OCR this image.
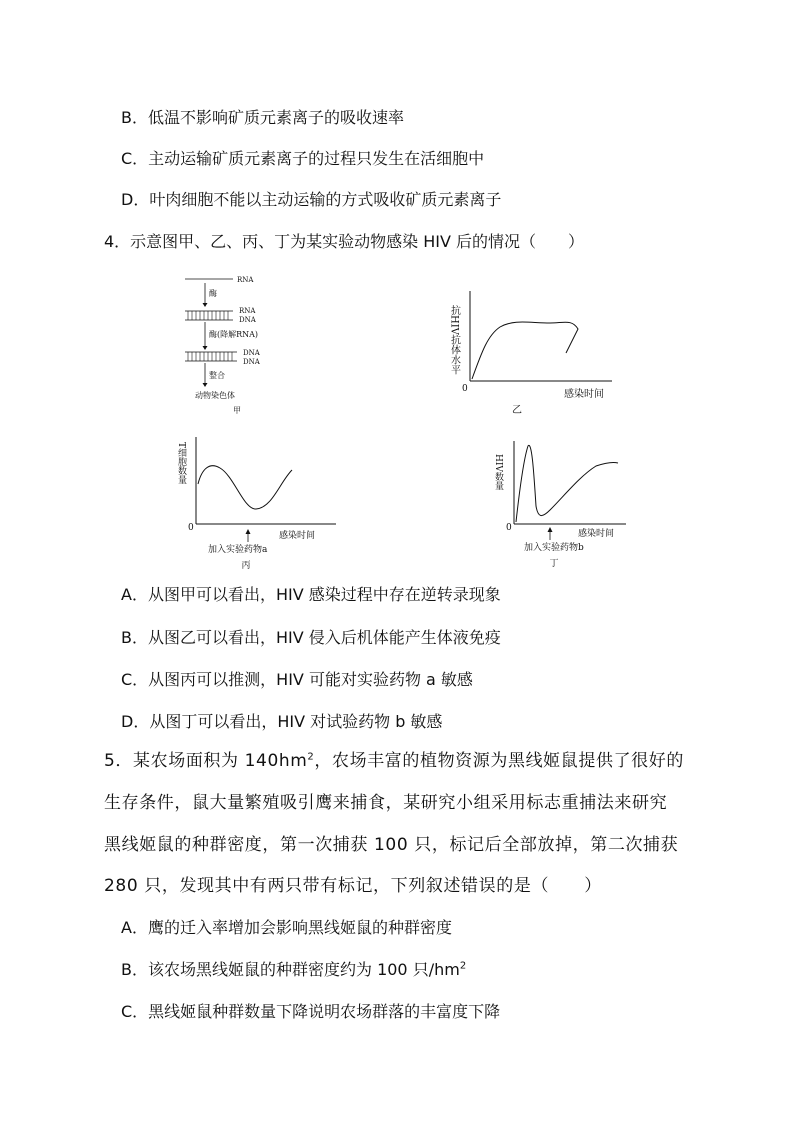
B．低温不影响矿质元素离子的吸收速率
C．主动运输矿质元素离子的过程只发生在活细胞中
D．叶肉细胞不能以主动运输的方式吸收矿质元素离子
4．示意图甲、乙、丙、丁为某实验动物感染 HIV 后的情况（　　）
RNA
酶
RNA
DNA
酶(降解RNA)
DNA
DNA
整合
动物染色体
甲
抗HIV抗体水平
0	感染时间
乙
T细胞数量
0
感染时间
加入实验药物a
丙
HIV数量
0
感染时间
加入实验药物b
丁
A．从图甲可以看出，HIV 感染过程中存在逆转录现象
B．从图乙可以看出，HIV 侵入后机体能产生体液免疫
C．从图丙可以推测，HIV 可能对实验药物 a 敏感
D．从图丁可以看出，HIV 对试验药物 b 敏感
5．某农场面积为 $140hm^2$，农场丰富的植物资源为黑线姬鼠提供了很好的
生存条件，鼠大量繁殖吸引鹰来捕食，某研究小组采用标志重捕法来研究
黑线姬鼠的种群密度，第一次捕获 100 只，标记后全部放掉，第二次捕获
280 只，发现其中有两只带有标记，下列叙述错误的是（　　）
A．鹰的迁入率增加会影响黑线姬鼠的种群密度
B．该农场黑线姬鼠的种群密度约为 100 只$/hm^2$
C．黑线姬鼠种群数量下降说明农场群落的丰富度下降
